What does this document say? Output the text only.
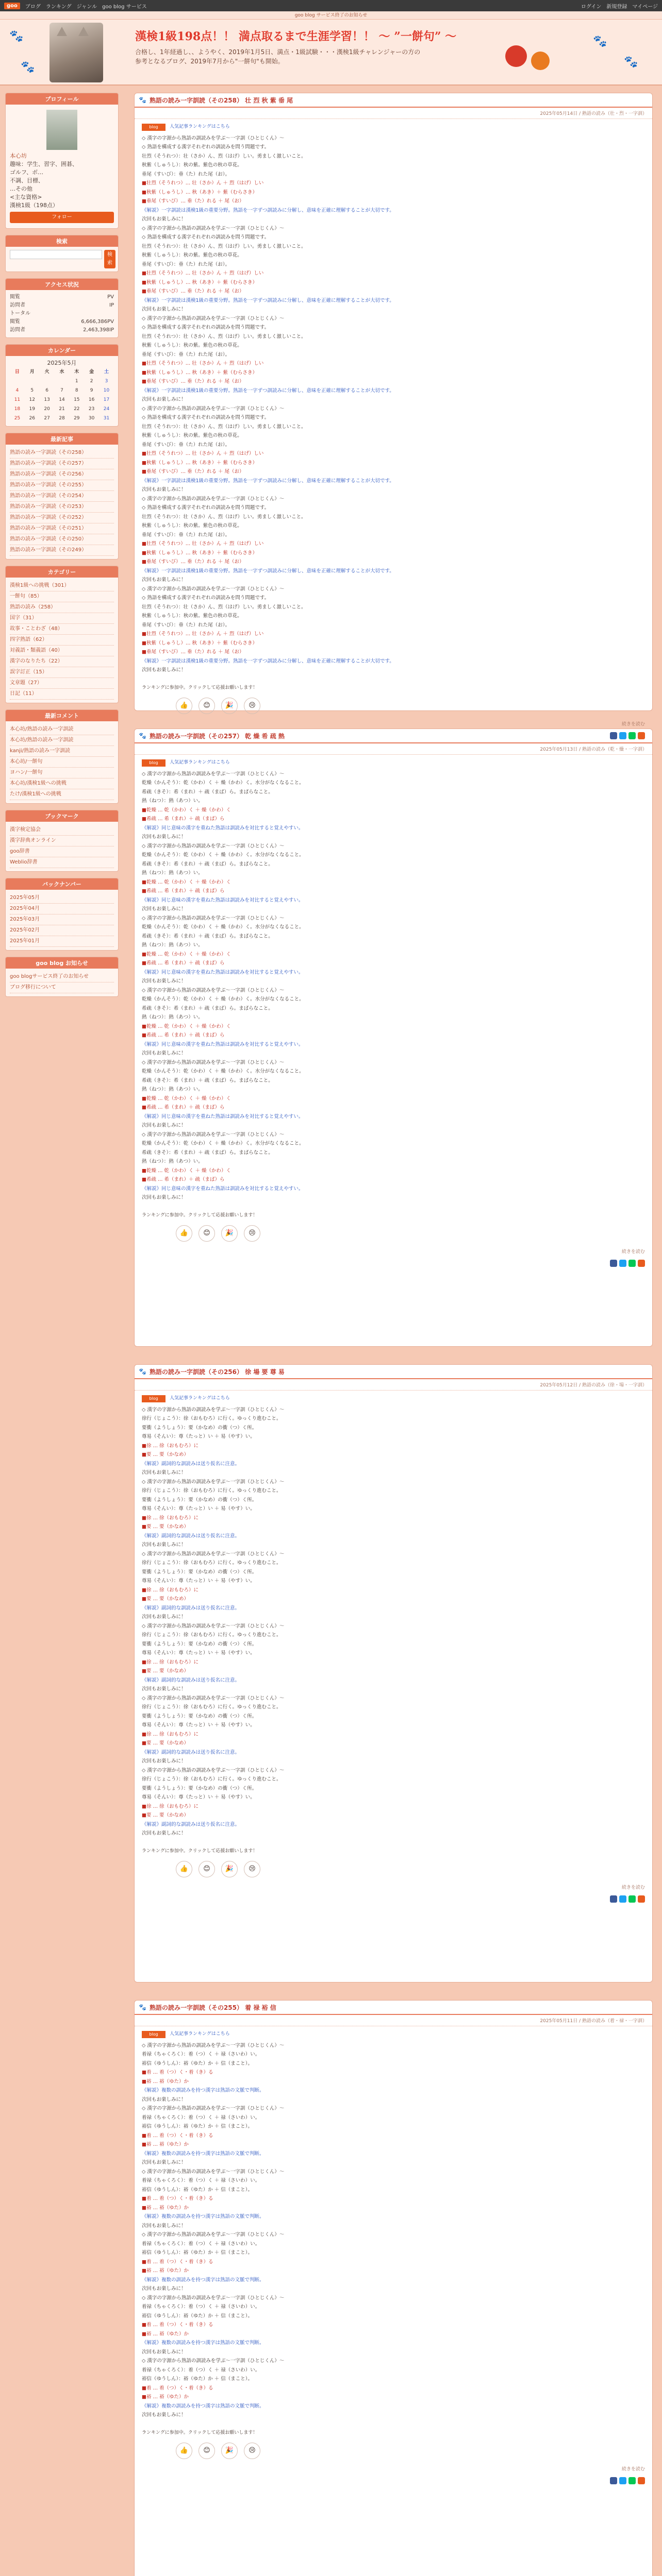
goo	ブログ ランキング ジャンル goo blog サービス	ログイン 新規登録 マイページ
goo blog サービス終了のお知らせ
🐾
🐾
漢検1級198点！！ 満点取るまで生涯学習！！ ～ ”一餅句” ～
合格し、1年経過し、、ようやく、2019年1月5日、満点・1級試験・・・漢検1級チャレンジャーの方の参考となるブログ、2019年7月から"一餅句"も開始。
🐾
🐾
プロフィール
本心坊
趣味：学生、習字、囲碁、
ゴルフ、ボ…
不調、目標、
…その他
<主な資格>
漢検1級（198点）
フォロー
検索
検索
アクセス状況
閲覧	PV
訪問者	IP
トータル
閲覧	6,666,386PV
訪問者	2,463,398IP
カレンダー
2025年5月
日	月	火	水	木	金	土
				1	2	3
4	5	6	7	8	9	10
11	12	13	14	15	16	17
18	19	20	21	22	23	24
25	26	27	28	29	30	31
最新記事
熟語の読み一字訓読（その258）
熟語の読み一字訓読（その257）
熟語の読み一字訓読（その256）
熟語の読み一字訓読（その255）
熟語の読み一字訓読（その254）
熟語の読み一字訓読（その253）
熟語の読み一字訓読（その252）
熟語の読み一字訓読（その251）
熟語の読み一字訓読（その250）
熟語の読み一字訓読（その249）
カテゴリー
漢検1級への挑戦（301）
一餅句（85）
熟語の読み（258）
国字（31）
故事・ことわざ（48）
四字熟語（62）
対義語・類義語（40）
漢字のなりたち（22）
誤字訂正（15）
文章題（27）
日記（11）
最新コメント
本心坊/熟語の読み一字訓読
本心坊/熟語の読み一字訓読
kanji/熟語の読み一字訓読
本心坊/一餅句
ヨハン/一餅句
本心坊/漢検1級への挑戦
たけ/漢検1級への挑戦
ブックマーク
漢字検定協会
漢字辞典オンライン
goo辞書
Weblio辞書
バックナンバー
2025年05月
2025年04月
2025年03月
2025年02月
2025年01月
goo blog お知らせ
goo blogサービス終了のお知らせ
ブログ移行について
🐾 熟語の読み一字訓読（その258） 壮 烈 秋 紫 垂 尾
2025年05月14日 / 熟語の読み（壮・烈・一字訓）
blog	人気記事ランキングはこちら

◇ 漢字の字源から熟語の訓読みを学ぶ〜一字訓（ひとじくん）〜

◇ 熟語を構成する漢字それぞれの訓読みを問う問題です。

壮烈（そうれつ）：壮（さか）ん、烈（はげ）しい。勇ましく激しいこと。

秋紫（しゅうし）：秋の紫。紫色の秋の草花。

垂尾（すいび）：垂（た）れた尾（お）。

■壮烈（そうれつ）… 壮（さか）ん ＋ 烈（はげ）しい

■秋紫（しゅうし）… 秋（あき）＋ 紫（むらさき）

■垂尾（すいび）… 垂（た）れる ＋ 尾（お）

《解説》一字訓読は漢検1級の重要分野。熟語を一字ずつ訓読みに分解し、意味を正確に理解することが大切です。

次回もお楽しみに！

◇ 漢字の字源から熟語の訓読みを学ぶ〜一字訓（ひとじくん）〜

◇ 熟語を構成する漢字それぞれの訓読みを問う問題です。

壮烈（そうれつ）：壮（さか）ん、烈（はげ）しい。勇ましく激しいこと。

秋紫（しゅうし）：秋の紫。紫色の秋の草花。

垂尾（すいび）：垂（た）れた尾（お）。

■壮烈（そうれつ）… 壮（さか）ん ＋ 烈（はげ）しい

■秋紫（しゅうし）… 秋（あき）＋ 紫（むらさき）

■垂尾（すいび）… 垂（た）れる ＋ 尾（お）

《解説》一字訓読は漢検1級の重要分野。熟語を一字ずつ訓読みに分解し、意味を正確に理解することが大切です。

次回もお楽しみに！

◇ 漢字の字源から熟語の訓読みを学ぶ〜一字訓（ひとじくん）〜

◇ 熟語を構成する漢字それぞれの訓読みを問う問題です。

壮烈（そうれつ）：壮（さか）ん、烈（はげ）しい。勇ましく激しいこと。

秋紫（しゅうし）：秋の紫。紫色の秋の草花。

垂尾（すいび）：垂（た）れた尾（お）。

■壮烈（そうれつ）… 壮（さか）ん ＋ 烈（はげ）しい

■秋紫（しゅうし）… 秋（あき）＋ 紫（むらさき）

■垂尾（すいび）… 垂（た）れる ＋ 尾（お）

《解説》一字訓読は漢検1級の重要分野。熟語を一字ずつ訓読みに分解し、意味を正確に理解することが大切です。

次回もお楽しみに！

◇ 漢字の字源から熟語の訓読みを学ぶ〜一字訓（ひとじくん）〜

◇ 熟語を構成する漢字それぞれの訓読みを問う問題です。

壮烈（そうれつ）：壮（さか）ん、烈（はげ）しい。勇ましく激しいこと。

秋紫（しゅうし）：秋の紫。紫色の秋の草花。

垂尾（すいび）：垂（た）れた尾（お）。

■壮烈（そうれつ）… 壮（さか）ん ＋ 烈（はげ）しい

■秋紫（しゅうし）… 秋（あき）＋ 紫（むらさき）

■垂尾（すいび）… 垂（た）れる ＋ 尾（お）

《解説》一字訓読は漢検1級の重要分野。熟語を一字ずつ訓読みに分解し、意味を正確に理解することが大切です。

次回もお楽しみに！

◇ 漢字の字源から熟語の訓読みを学ぶ〜一字訓（ひとじくん）〜

◇ 熟語を構成する漢字それぞれの訓読みを問う問題です。

壮烈（そうれつ）：壮（さか）ん、烈（はげ）しい。勇ましく激しいこと。

秋紫（しゅうし）：秋の紫。紫色の秋の草花。

垂尾（すいび）：垂（た）れた尾（お）。

■壮烈（そうれつ）… 壮（さか）ん ＋ 烈（はげ）しい

■秋紫（しゅうし）… 秋（あき）＋ 紫（むらさき）

■垂尾（すいび）… 垂（た）れる ＋ 尾（お）

《解説》一字訓読は漢検1級の重要分野。熟語を一字ずつ訓読みに分解し、意味を正確に理解することが大切です。

次回もお楽しみに！

◇ 漢字の字源から熟語の訓読みを学ぶ〜一字訓（ひとじくん）〜

◇ 熟語を構成する漢字それぞれの訓読みを問う問題です。

壮烈（そうれつ）：壮（さか）ん、烈（はげ）しい。勇ましく激しいこと。

秋紫（しゅうし）：秋の紫。紫色の秋の草花。

垂尾（すいび）：垂（た）れた尾（お）。

■壮烈（そうれつ）… 壮（さか）ん ＋ 烈（はげ）しい

■秋紫（しゅうし）… 秋（あき）＋ 紫（むらさき）

■垂尾（すいび）… 垂（た）れる ＋ 尾（お）

《解説》一字訓読は漢検1級の重要分野。熟語を一字ずつ訓読みに分解し、意味を正確に理解することが大切です。

次回もお楽しみに！

ランキングに参加中。クリックして応援お願いします！
👍	😊	🎉	😢
続きを読む
🐾 熟語の読み一字訓読（その257） 乾 燥 希 疏 熱
2025年05月13日 / 熟語の読み（乾・燥・一字訓）
blog	人気記事ランキングはこちら

◇ 漢字の字源から熟語の訓読みを学ぶ〜一字訓（ひとじくん）〜

乾燥（かんそう）：乾（かわ）く ＋ 燥（かわ）く。水分がなくなること。

希疏（きそ）：希（まれ）＋ 疏（まば）ら。まばらなこと。

熱（ねつ）：熱（あつ）い。

■乾燥 … 乾（かわ）く ＋ 燥（かわ）く

■希疏 … 希（まれ）＋ 疏（まば）ら

《解説》同じ意味の漢字を重ねた熟語は訓読みを対比すると覚えやすい。

次回もお楽しみに！

◇ 漢字の字源から熟語の訓読みを学ぶ〜一字訓（ひとじくん）〜

乾燥（かんそう）：乾（かわ）く ＋ 燥（かわ）く。水分がなくなること。

希疏（きそ）：希（まれ）＋ 疏（まば）ら。まばらなこと。

熱（ねつ）：熱（あつ）い。

■乾燥 … 乾（かわ）く ＋ 燥（かわ）く

■希疏 … 希（まれ）＋ 疏（まば）ら

《解説》同じ意味の漢字を重ねた熟語は訓読みを対比すると覚えやすい。

次回もお楽しみに！

◇ 漢字の字源から熟語の訓読みを学ぶ〜一字訓（ひとじくん）〜

乾燥（かんそう）：乾（かわ）く ＋ 燥（かわ）く。水分がなくなること。

希疏（きそ）：希（まれ）＋ 疏（まば）ら。まばらなこと。

熱（ねつ）：熱（あつ）い。

■乾燥 … 乾（かわ）く ＋ 燥（かわ）く

■希疏 … 希（まれ）＋ 疏（まば）ら

《解説》同じ意味の漢字を重ねた熟語は訓読みを対比すると覚えやすい。

次回もお楽しみに！

◇ 漢字の字源から熟語の訓読みを学ぶ〜一字訓（ひとじくん）〜

乾燥（かんそう）：乾（かわ）く ＋ 燥（かわ）く。水分がなくなること。

希疏（きそ）：希（まれ）＋ 疏（まば）ら。まばらなこと。

熱（ねつ）：熱（あつ）い。

■乾燥 … 乾（かわ）く ＋ 燥（かわ）く

■希疏 … 希（まれ）＋ 疏（まば）ら

《解説》同じ意味の漢字を重ねた熟語は訓読みを対比すると覚えやすい。

次回もお楽しみに！

◇ 漢字の字源から熟語の訓読みを学ぶ〜一字訓（ひとじくん）〜

乾燥（かんそう）：乾（かわ）く ＋ 燥（かわ）く。水分がなくなること。

希疏（きそ）：希（まれ）＋ 疏（まば）ら。まばらなこと。

熱（ねつ）：熱（あつ）い。

■乾燥 … 乾（かわ）く ＋ 燥（かわ）く

■希疏 … 希（まれ）＋ 疏（まば）ら

《解説》同じ意味の漢字を重ねた熟語は訓読みを対比すると覚えやすい。

次回もお楽しみに！

◇ 漢字の字源から熟語の訓読みを学ぶ〜一字訓（ひとじくん）〜

乾燥（かんそう）：乾（かわ）く ＋ 燥（かわ）く。水分がなくなること。

希疏（きそ）：希（まれ）＋ 疏（まば）ら。まばらなこと。

熱（ねつ）：熱（あつ）い。

■乾燥 … 乾（かわ）く ＋ 燥（かわ）く

■希疏 … 希（まれ）＋ 疏（まば）ら

《解説》同じ意味の漢字を重ねた熟語は訓読みを対比すると覚えやすい。

次回もお楽しみに！

ランキングに参加中。クリックして応援お願いします！
👍	😊	🎉	😢
続きを読む
🐾 熟語の読み一字訓読（その256） 徐 場 要 尊 易
2025年05月12日 / 熟語の読み（徐・場・一字訓）
blog	人気記事ランキングはこちら

◇ 漢字の字源から熟語の訓読みを学ぶ〜一字訓（ひとじくん）〜

徐行（じょこう）：徐（おもむろ）に行く。ゆっくり進むこと。

要衝（ようしょう）：要（かなめ）の衝（つ）く所。

尊易（そんい）：尊（たっと）い ＋ 易（やす）い。

■徐 … 徐（おもむろ）に

■要 … 要（かなめ）

《解説》副詞的な訓読みは送り仮名に注意。

次回もお楽しみに！

◇ 漢字の字源から熟語の訓読みを学ぶ〜一字訓（ひとじくん）〜

徐行（じょこう）：徐（おもむろ）に行く。ゆっくり進むこと。

要衝（ようしょう）：要（かなめ）の衝（つ）く所。

尊易（そんい）：尊（たっと）い ＋ 易（やす）い。

■徐 … 徐（おもむろ）に

■要 … 要（かなめ）

《解説》副詞的な訓読みは送り仮名に注意。

次回もお楽しみに！

◇ 漢字の字源から熟語の訓読みを学ぶ〜一字訓（ひとじくん）〜

徐行（じょこう）：徐（おもむろ）に行く。ゆっくり進むこと。

要衝（ようしょう）：要（かなめ）の衝（つ）く所。

尊易（そんい）：尊（たっと）い ＋ 易（やす）い。

■徐 … 徐（おもむろ）に

■要 … 要（かなめ）

《解説》副詞的な訓読みは送り仮名に注意。

次回もお楽しみに！

◇ 漢字の字源から熟語の訓読みを学ぶ〜一字訓（ひとじくん）〜

徐行（じょこう）：徐（おもむろ）に行く。ゆっくり進むこと。

要衝（ようしょう）：要（かなめ）の衝（つ）く所。

尊易（そんい）：尊（たっと）い ＋ 易（やす）い。

■徐 … 徐（おもむろ）に

■要 … 要（かなめ）

《解説》副詞的な訓読みは送り仮名に注意。

次回もお楽しみに！

◇ 漢字の字源から熟語の訓読みを学ぶ〜一字訓（ひとじくん）〜

徐行（じょこう）：徐（おもむろ）に行く。ゆっくり進むこと。

要衝（ようしょう）：要（かなめ）の衝（つ）く所。

尊易（そんい）：尊（たっと）い ＋ 易（やす）い。

■徐 … 徐（おもむろ）に

■要 … 要（かなめ）

《解説》副詞的な訓読みは送り仮名に注意。

次回もお楽しみに！

◇ 漢字の字源から熟語の訓読みを学ぶ〜一字訓（ひとじくん）〜

徐行（じょこう）：徐（おもむろ）に行く。ゆっくり進むこと。

要衝（ようしょう）：要（かなめ）の衝（つ）く所。

尊易（そんい）：尊（たっと）い ＋ 易（やす）い。

■徐 … 徐（おもむろ）に

■要 … 要（かなめ）

《解説》副詞的な訓読みは送り仮名に注意。

次回もお楽しみに！

ランキングに参加中。クリックして応援お願いします！
👍	😊	🎉	😢
続きを読む
🐾 熟語の読み一字訓読（その255） 着 禄 裕 信
2025年05月11日 / 熟語の読み（着・禄・一字訓）
blog	人気記事ランキングはこちら

◇ 漢字の字源から熟語の訓読みを学ぶ〜一字訓（ひとじくん）〜

着禄（ちゃくろく）：着（つ）く ＋ 禄（さいわ）い。

裕信（ゆうしん）：裕（ゆた）か ＋ 信（まこと）。

■着 … 着（つ）く・着（き）る

■裕 … 裕（ゆた）か

《解説》複数の訓読みを持つ漢字は熟語の文脈で判断。

次回もお楽しみに！

◇ 漢字の字源から熟語の訓読みを学ぶ〜一字訓（ひとじくん）〜

着禄（ちゃくろく）：着（つ）く ＋ 禄（さいわ）い。

裕信（ゆうしん）：裕（ゆた）か ＋ 信（まこと）。

■着 … 着（つ）く・着（き）る

■裕 … 裕（ゆた）か

《解説》複数の訓読みを持つ漢字は熟語の文脈で判断。

次回もお楽しみに！

◇ 漢字の字源から熟語の訓読みを学ぶ〜一字訓（ひとじくん）〜

着禄（ちゃくろく）：着（つ）く ＋ 禄（さいわ）い。

裕信（ゆうしん）：裕（ゆた）か ＋ 信（まこと）。

■着 … 着（つ）く・着（き）る

■裕 … 裕（ゆた）か

《解説》複数の訓読みを持つ漢字は熟語の文脈で判断。

次回もお楽しみに！

◇ 漢字の字源から熟語の訓読みを学ぶ〜一字訓（ひとじくん）〜

着禄（ちゃくろく）：着（つ）く ＋ 禄（さいわ）い。

裕信（ゆうしん）：裕（ゆた）か ＋ 信（まこと）。

■着 … 着（つ）く・着（き）る

■裕 … 裕（ゆた）か

《解説》複数の訓読みを持つ漢字は熟語の文脈で判断。

次回もお楽しみに！

◇ 漢字の字源から熟語の訓読みを学ぶ〜一字訓（ひとじくん）〜

着禄（ちゃくろく）：着（つ）く ＋ 禄（さいわ）い。

裕信（ゆうしん）：裕（ゆた）か ＋ 信（まこと）。

■着 … 着（つ）く・着（き）る

■裕 … 裕（ゆた）か

《解説》複数の訓読みを持つ漢字は熟語の文脈で判断。

次回もお楽しみに！

◇ 漢字の字源から熟語の訓読みを学ぶ〜一字訓（ひとじくん）〜

着禄（ちゃくろく）：着（つ）く ＋ 禄（さいわ）い。

裕信（ゆうしん）：裕（ゆた）か ＋ 信（まこと）。

■着 … 着（つ）く・着（き）る

■裕 … 裕（ゆた）か

《解説》複数の訓読みを持つ漢字は熟語の文脈で判断。

次回もお楽しみに！

ランキングに参加中。クリックして応援お願いします！
👍	😊	🎉	😢
続きを読む
